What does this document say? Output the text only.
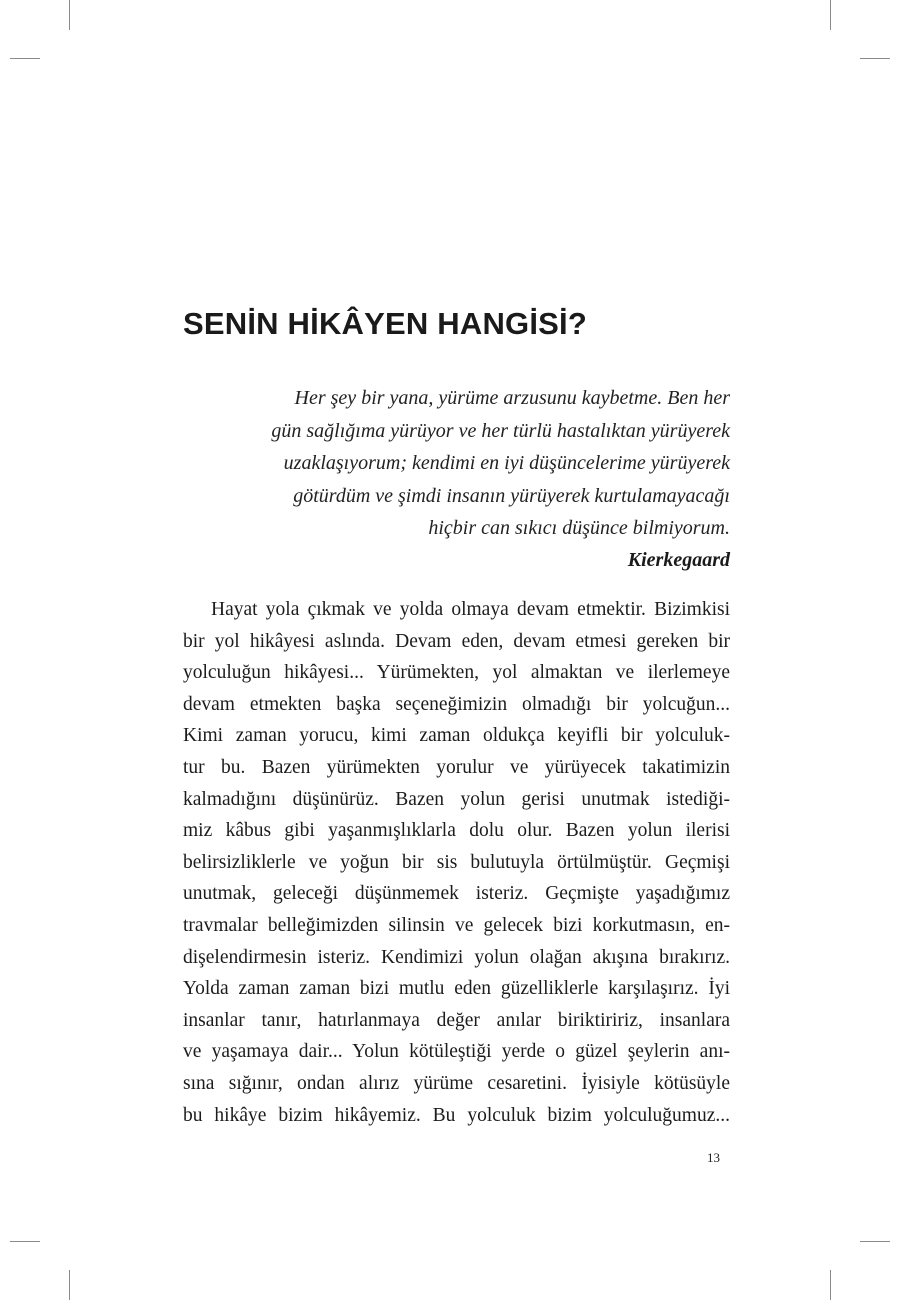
SENİN HİKÂYEN HANGİSİ?

Her şey bir yana, yürüme arzusunu kaybetme. Ben her
gün sağlığıma yürüyor ve her türlü hastalıktan yürüyerek
uzaklaşıyorum; kendimi en iyi düşüncelerime yürüyerek
götürdüm ve şimdi insanın yürüyerek kurtulamayacağı
hiçbir can sıkıcı düşünce bilmiyorum.

Kierkegaard

Hayat yola çıkmak ve yolda olmaya devam etmektir. Bizimkisi
bir yol hikâyesi aslında. Devam eden, devam etmesi gereken bir
yolculuğun hikâyesi... Yürümekten, yol almaktan ve ilerlemeye
devam etmekten başka seçeneğimizin olmadığı bir yolcuğun...
Kimi zaman yorucu, kimi zaman oldukça keyifli bir yolculuk-
tur bu. Bazen yürümekten yorulur ve yürüyecek takatimizin
kalmadığını düşünürüz. Bazen yolun gerisi unutmak istediği-
miz kâbus gibi yaşanmışlıklarla dolu olur. Bazen yolun ilerisi
belirsizliklerle ve yoğun bir sis bulutuyla örtülmüştür. Geçmişi
unutmak, geleceği düşünmemek isteriz. Geçmişte yaşadığımız
travmalar belleğimizden silinsin ve gelecek bizi korkutmasın, en-
dişelendirmesin isteriz. Kendimizi yolun olağan akışına bırakırız.
Yolda zaman zaman bizi mutlu eden güzelliklerle karşılaşırız. İyi
insanlar tanır, hatırlanmaya değer anılar biriktiririz, insanlara
ve yaşamaya dair... Yolun kötüleştiği yerde o güzel şeylerin anı-
sına sığınır, ondan alırız yürüme cesaretini. İyisiyle kötüsüyle
bu hikâye bizim hikâyemiz. Bu yolculuk bizim yolculuğumuz...

13
